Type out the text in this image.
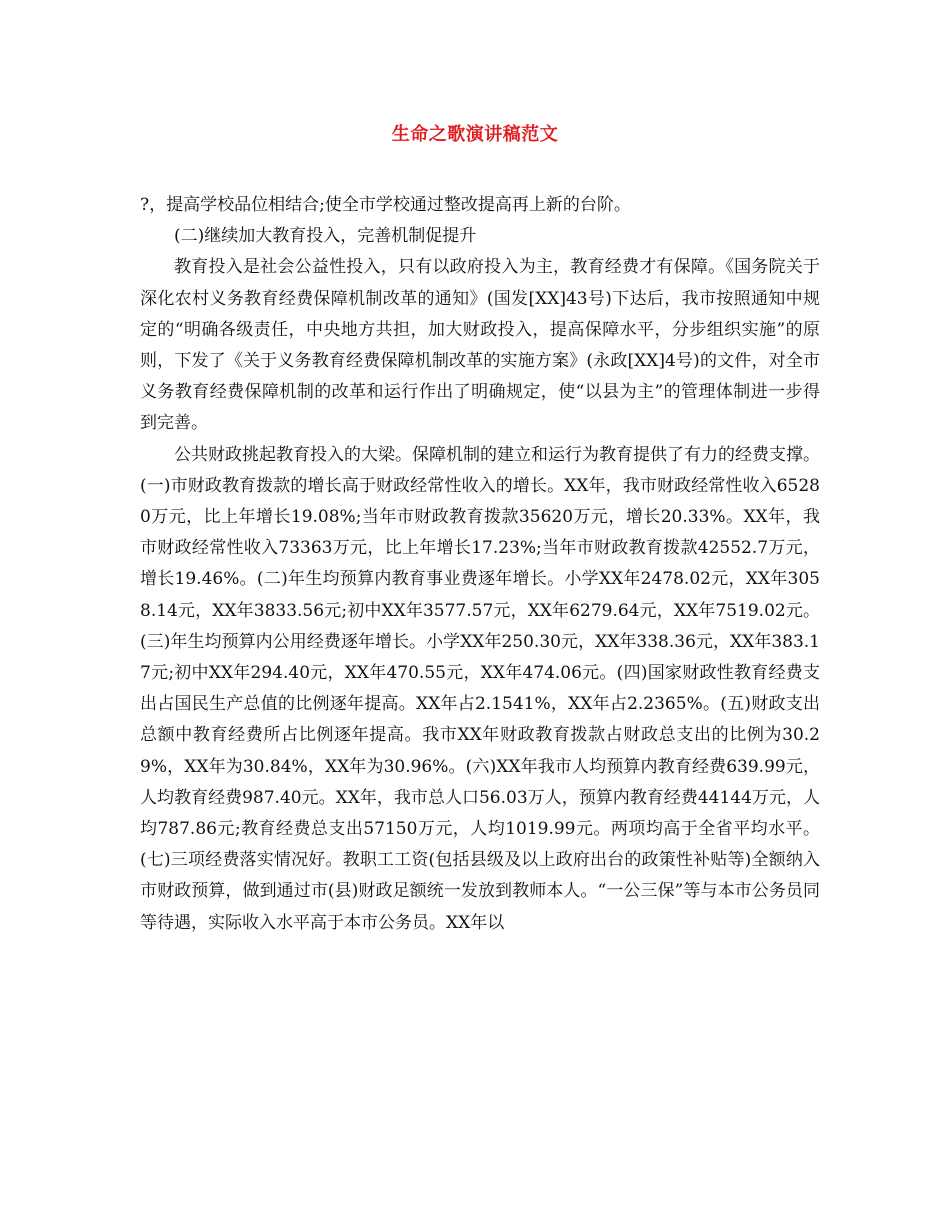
生命之歌演讲稿范文

?，提高学校品位相结合;使全市学校通过整改提高再上新的台阶。

(二)继续加大教育投入，完善机制促提升

教育投入是社会公益性投入，只有以政府投入为主，教育经费才有保障。《国务院关于深化农村义务教育经费保障机制改革的通知》(国发[XX]43号)下达后，我市按照通知中规定的“明确各级责任，中央地方共担，加大财政投入，提高保障水平，分步组织实施”的原则，下发了《关于义务教育经费保障机制改革的实施方案》(永政[XX]4号)的文件，对全市义务教育经费保障机制的改革和运行作出了明确规定，使“以县为主”的管理体制进一步得到完善。

公共财政挑起教育投入的大梁。保障机制的建立和运行为教育提供了有力的经费支撑。(一)市财政教育拨款的增长高于财政经常性收入的增长。XX年，我市财政经常性收入65280万元，比上年增长19.08%;当年市财政教育拨款35620万元，增长20.33%。XX年，我市财政经常性收入73363万元，比上年增长17.23%;当年市财政教育拨款42552.7万元，增长19.46%。(二)年生均预算内教育事业费逐年增长。小学XX年2478.02元，XX年3058.14元，XX年3833.56元;初中XX年3577.57元，XX年6279.64元，XX年7519.02元。(三)年生均预算内公用经费逐年增长。小学XX年250.30元，XX年338.36元，XX年383.17元;初中XX年294.40元，XX年470.55元，XX年474.06元。(四)国家财政性教育经费支出占国民生产总值的比例逐年提高。XX年占2.1541%，XX年占2.2365%。(五)财政支出总额中教育经费所占比例逐年提高。我市XX年财政教育拨款占财政总支出的比例为30.29%，XX年为30.84%，XX年为30.96%。(六)XX年我市人均预算内教育经费639.99元，人均教育经费987.40元。XX年，我市总人口56.03万人，预算内教育经费44144万元，人均787.86元;教育经费总支出57150万元，人均1019.99元。两项均高于全省平均水平。(七)三项经费落实情况好。教职工工资(包括县级及以上政府出台的政策性补贴等)全额纳入市财政预算，做到通过市(县)财政足额统一发放到教师本人。“一公三保”等与本市公务员同等待遇，实际收入水平高于本市公务员。XX年以
